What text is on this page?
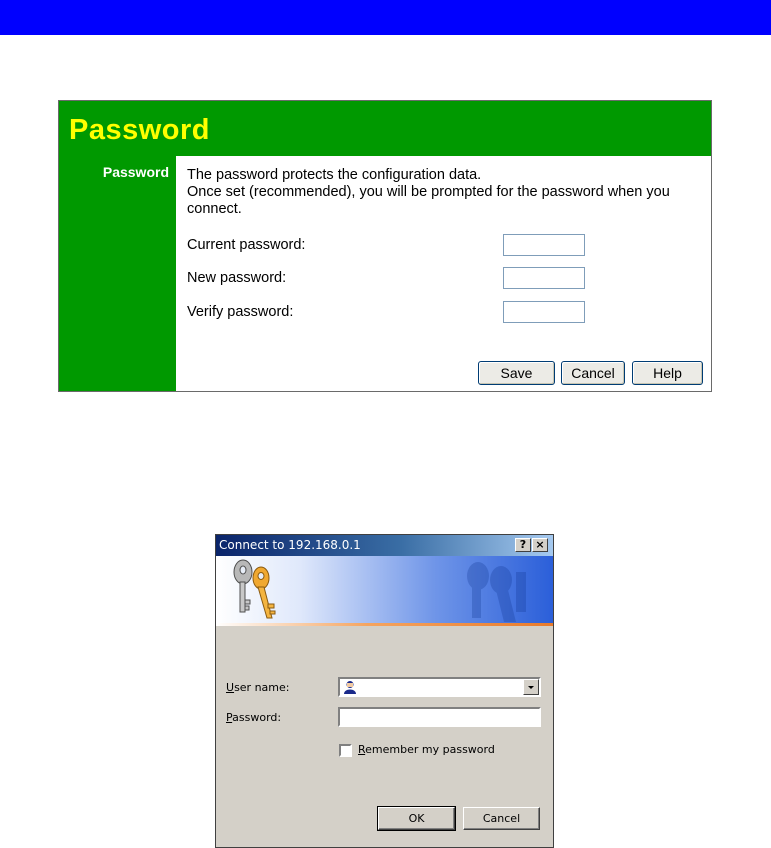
Password
Password The password protects the configuration data.
Once set (recommended), you will be prompted for the password when you connect.
Current password:
New password:
Verify password:
Save	Cancel	Help
Connect to 192.168.0.1	? ×
User name:
Password:
Remember my password
OK	Cancel
